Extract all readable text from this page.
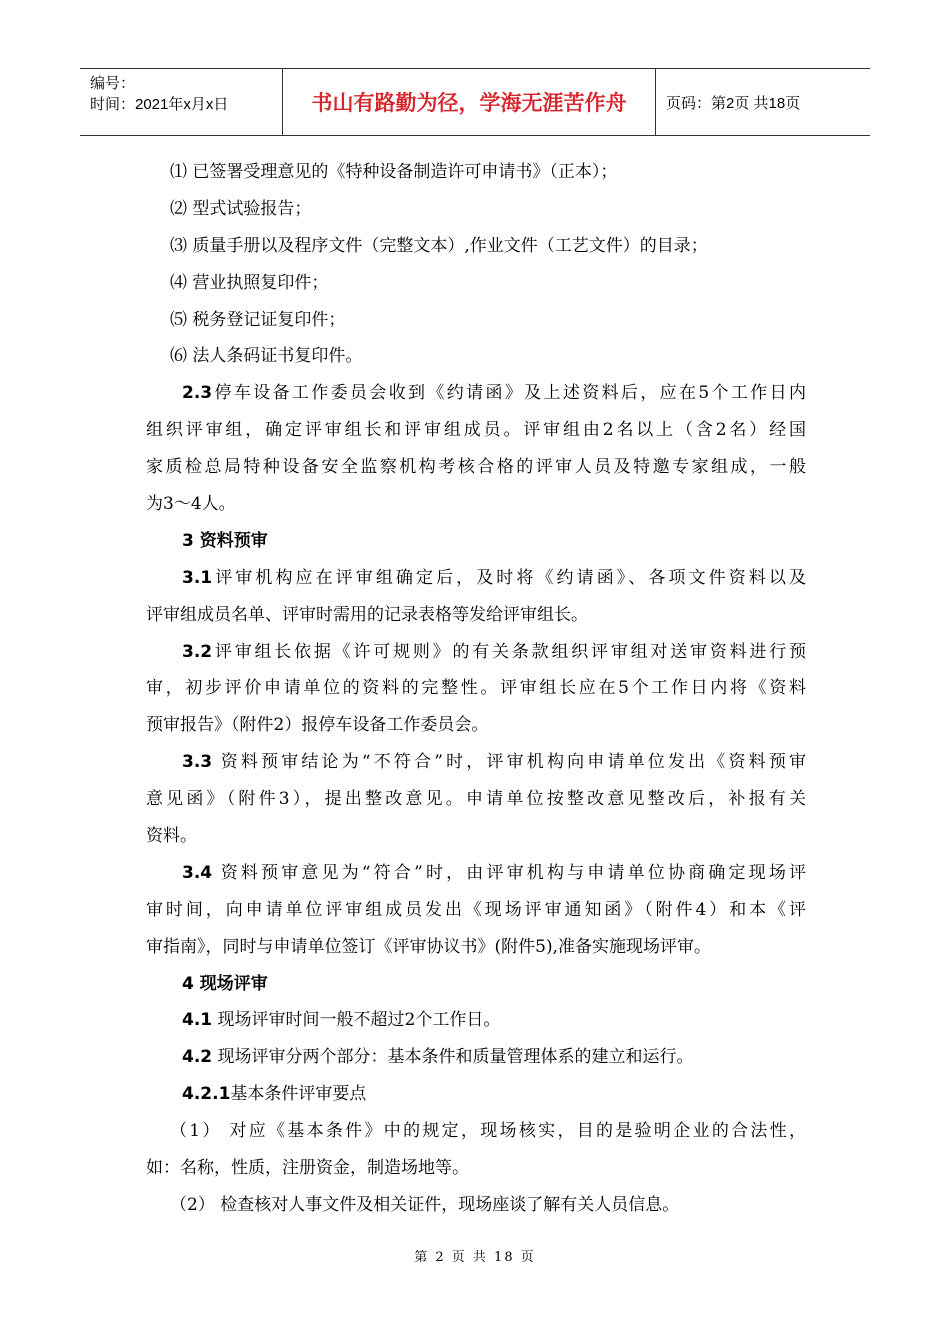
编号：
时间：2021年x月x日	书山有路勤为径，学海无涯苦作舟	页码：第2页 共18页
⑴ 已签署受理意见的《特种设备制造许可申请书》（正本）；
⑵ 型式试验报告；
⑶ 质量手册以及程序文件（完整文本）,作业文件（工艺文件）的目录；
⑷ 营业执照复印件；
⑸ 税务登记证复印件；
⑹ 法人条码证书复印件。
2.3停车设备工作委员会收到《约请函》及上述资料后，应在5个工作日内
组织评审组，确定评审组长和评审组成员。评审组由2名以上（含2名）经国
家质检总局特种设备安全监察机构考核合格的评审人员及特邀专家组成，一般
为3～4人。
3 资料预审
3.1评审机构应在评审组确定后，及时将《约请函》、各项文件资料以及
评审组成员名单、评审时需用的记录表格等发给评审组长。
3.2评审组长依据《许可规则》的有关条款组织评审组对送审资料进行预
审，初步评价申请单位的资料的完整性。评审组长应在5个工作日内将《资料
预审报告》（附件2）报停车设备工作委员会。
3.3 资料预审结论为“不符合”时，评审机构向申请单位发出《资料预审
意见函》（附件3），提出整改意见。申请单位按整改意见整改后，补报有关
资料。
3.4 资料预审意见为“符合”时，由评审机构与申请单位协商确定现场评
审时间，向申请单位评审组成员发出《现场评审通知函》（附件4）和本《评
审指南》，同时与申请单位签订《评审协议书》(附件5),准备实施现场评审。
4 现场评审
4.1 现场评审时间一般不超过2个工作日。
4.2 现场评审分两个部分：基本条件和质量管理体系的建立和运行。
4.2.1基本条件评审要点
（1） 对应《基本条件》中的规定，现场核实，目的是验明企业的合法性，
如：名称，性质，注册资金，制造场地等。
（2） 检查核对人事文件及相关证件，现场座谈了解有关人员信息。
第 2 页 共 18 页
